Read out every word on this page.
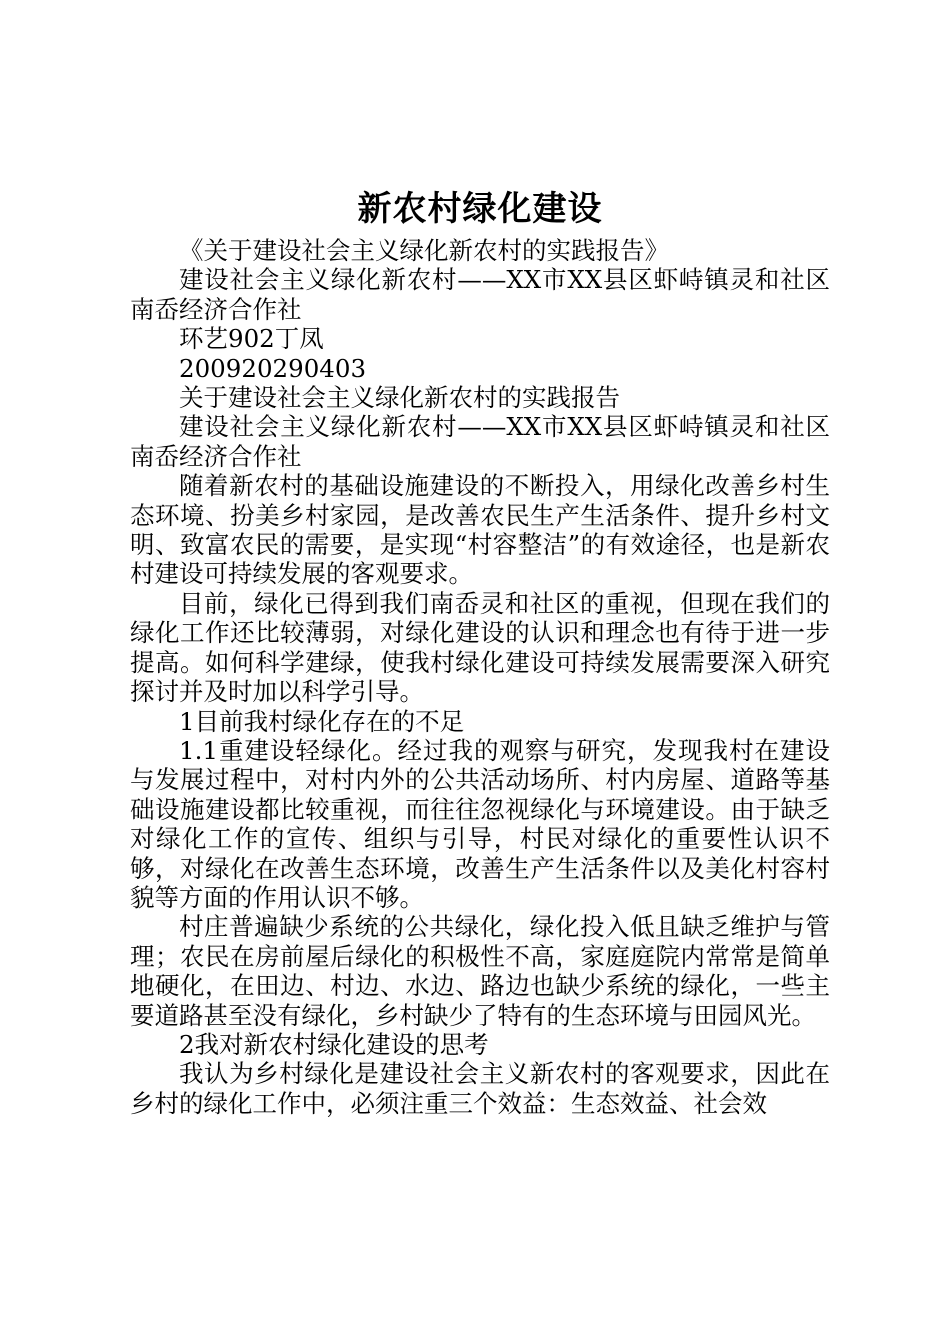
新农村绿化建设

《关于建设社会主义绿化新农村的实践报告》

建设社会主义绿化新农村——XX市XX县区虾峙镇灵和社区南岙经济合作社

环艺902丁凤

200920290403

关于建设社会主义绿化新农村的实践报告

建设社会主义绿化新农村——XX市XX县区虾峙镇灵和社区南岙经济合作社

随着新农村的基础设施建设的不断投入，用绿化改善乡村生态环境、扮美乡村家园，是改善农民生产生活条件、提升乡村文明、致富农民的需要，是实现“村容整洁”的有效途径，也是新农村建设可持续发展的客观要求。

目前，绿化已得到我们南岙灵和社区的重视，但现在我们的绿化工作还比较薄弱，对绿化建设的认识和理念也有待于进一步提高。如何科学建绿，使我村绿化建设可持续发展需要深入研究探讨并及时加以科学引导。

1目前我村绿化存在的不足

1.1重建设轻绿化。经过我的观察与研究，发现我村在建设与发展过程中，对村内外的公共活动场所、村内房屋、道路等基础设施建设都比较重视，而往往忽视绿化与环境建设。由于缺乏对绿化工作的宣传、组织与引导，村民对绿化的重要性认识不够，对绿化在改善生态环境，改善生产生活条件以及美化村容村貌等方面的作用认识不够。

村庄普遍缺少系统的公共绿化，绿化投入低且缺乏维护与管理；农民在房前屋后绿化的积极性不高，家庭庭院内常常是简单地硬化，在田边、村边、水边、路边也缺少系统的绿化，一些主要道路甚至没有绿化，乡村缺少了特有的生态环境与田园风光。

2我对新农村绿化建设的思考

我认为乡村绿化是建设社会主义新农村的客观要求，因此在乡村的绿化工作中，必须注重三个效益：生态效益、社会效
